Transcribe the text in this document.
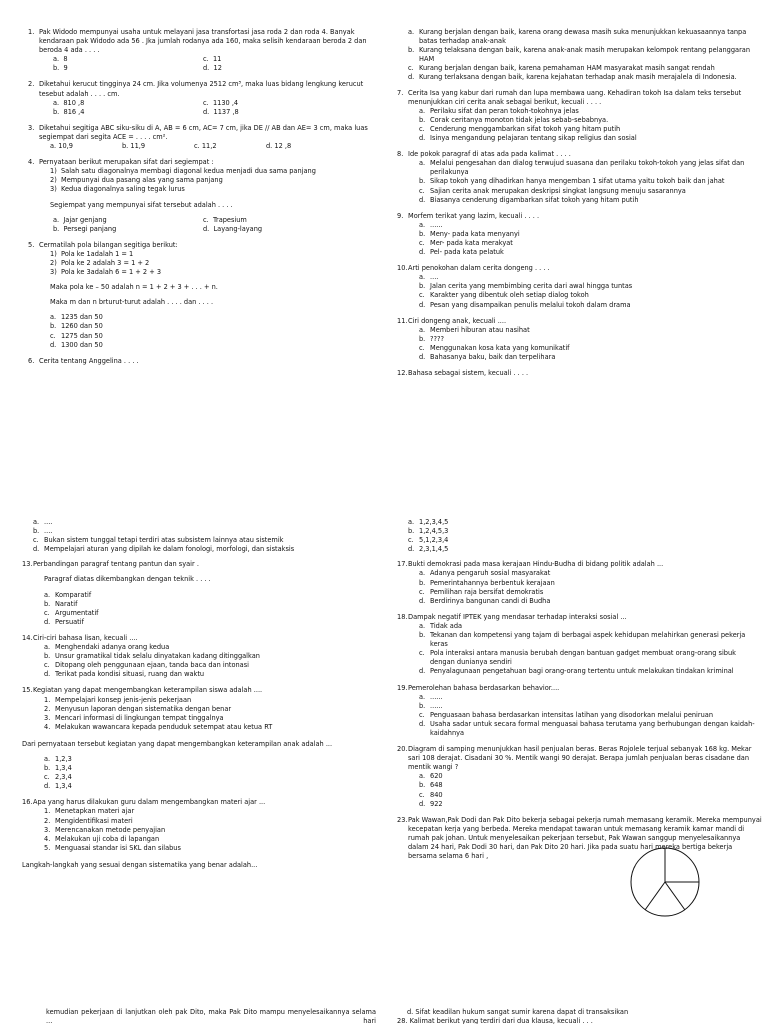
1. Pak Widodo mempunyai usaha untuk melayani jasa transfortasi jasa roda 2 dan roda 4. Banyak kendaraan pak Widodo ada 56 . Jka jumlah rodanya ada 160, maka selisih kendaraan beroda 2 dan beroda 4 ada . . . .
a. 8	c. 11
b. 9	d. 12
2. Diketahui kerucut tingginya 24 cm. Jika volumenya 2512 cm³, maka luas bidang lengkung kerucut tesebut adalah . . . . cm.
a. 810 ,8	c. 1130 ,4
b. 816 ,4	d. 1137 ,8
3. Diketahui segitiga ABC siku-siku di A, AB = 6 cm, AC= 7 cm, jika DE // AB dan AE= 3 cm, maka luas segiempat dari segita ACE = . . . . cm².
a. 10,9	b. 11,9	c. 11,2	d. 12 ,8
4. Pernyataan berikut merupakan sifat dari segiempat :
1) Salah satu diagonalnya membagi diagonal kedua menjadi dua sama panjang
2) Mempunyai dua pasang alas yang sama panjang
3) Kedua diagonalnya saling tegak lurus
Segiempat yang mempunyai sifat tersebut adalah . . . .
a. Jajar genjang	c. Trapesium
b. Persegi panjang	d. Layang-layang
5. Cermatilah pola bilangan segitiga berikut:
1) Pola ke 1adalah 1 = 1
2) Pola ke 2 adalah 3 = 1 + 2
3) Pola ke 3adalah 6 = 1 + 2 + 3
Maka pola ke – 50 adalah n = 1 + 2 + 3 + . . . + n.
Maka m dan n brturut-turut adalah . . . . dan . . . .
a. 1235 dan 50
b. 1260 dan 50
c. 1275 dan 50
d. 1300 dan 50
6. Cerita tentang Anggelina . . . .
a. Kurang berjalan dengan baik, karena orang dewasa masih suka menunjukkan kekuasaannya tanpa batas terhadap anak-anak
b. Kurang telaksana dengan baik, karena anak-anak masih merupakan kelompok rentang pelanggaran HAM
c. Kurang berjalan dengan baik, karena pemahaman HAM masyarakat masih sangat rendah
d. Kurang terlaksana dengan baik, karena kejahatan terhadap anak masih merajalela di Indonesia.
7. Cerita Isa yang kabur dari rumah dan lupa membawa uang. Kehadiran tokoh Isa dalam teks tersebut menunjukkan ciri cerita anak sebagai berikut, kecuali . . . .
a. Perilaku sifat dan peran tokoh-tokohnya jelas
b. Corak ceritanya monoton tidak jelas sebab-sebabnya.
c. Cenderung menggambarkan sifat tokoh yang hitam putih
d. Isinya mengandung pelajaran tentang sikap religius dan sosial
8. Ide pokok paragraf di atas ada pada kalimat . . . .
a. Melalui pengesahan dan dialog terwujud suasana dan perilaku tokoh-tokoh yang jelas sifat dan perilakunya
b. Sikap tokoh yang dihadirkan hanya mengemban 1 sifat utama yaitu tokoh baik dan jahat
c. Sajian cerita anak merupakan deskripsi singkat langsung menuju sasarannya
d. Biasanya cenderung digambarkan sifat tokoh yang hitam putih
9. Morfem terikat yang lazim, kecuali . . . .
a. ......
b. Meny- pada kata menyanyi
c. Mer- pada kata merakyat
d. Pel- pada kata pelatuk
10. Arti penokohan dalam cerita dongeng . . . .
a. ....
b. Jalan cerita yang membimbing cerita dari awal hingga tuntas
c. Karakter yang dibentuk oleh setiap dialog tokoh
d. Pesan yang disampaikan penulis melalui tokoh dalam drama
11. Ciri dongeng anak, kecuali ....
a. Memberi hiburan atau nasihat
b. ????
c. Menggunakan kosa kata yang komunikatif
d. Bahasanya baku, baik dan terpelihara
12. Bahasa sebagai sistem, kecuali . . . .
a. ....
b. ....
c. Bukan sistem tunggal tetapi terdiri atas subsistem lainnya atau sistemik
d. Mempelajari aturan yang dipilah ke dalam fonologi, morfologi, dan sistaksis
13. Perbandingan paragraf tentang pantun dan syair .
Paragraf diatas dikembangkan dengan teknik . . . .
a. Komparatif
b. Naratif
c. Argumentatif
d. Persuatif
14. Ciri-ciri bahasa lisan, kecuali ....
a. Menghendaki adanya orang kedua
b. Unsur gramatikal tidak selalu dinyatakan kadang ditinggalkan
c. Ditopang oleh penggunaan ejaan, tanda baca dan intonasi
d. Terikat pada kondisi situasi, ruang dan waktu
15. Kegiatan yang dapat mengembangkan keterampilan siswa adalah ....
1. Mempelajari konsep jenis-jenis pekerjaan
2. Menyusun laporan dengan sistematika dengan benar
3. Mencari informasi di lingkungan tempat tinggalnya
4. Melakukan wawancara kepada penduduk setempat atau ketua RT
Dari pernyataan tersebut kegiatan yang dapat mengembangkan keterampilan anak adalah ...
a. 1,2,3
b. 1,3,4
c. 2,3,4
d. 1,3,4
16. Apa yang harus dilakukan guru dalam mengembangkan materi ajar ...
1. Menetapkan materi ajar
2. Mengidentifikasi materi
3. Merencanakan metode penyajian
4. Melakukan uji coba di lapangan
5. Menguasai standar isi SKL dan silabus
Langkah-langkah yang sesuai dengan sistematika yang benar adalah...
a. 1,2,3,4,5
b. 1,2,4,5,3
c. 5,1,2,3,4
d. 2,3,1,4,5
17. Bukti demokrasi pada masa kerajaan Hindu-Budha di bidang politik adalah ...
a. Adanya pengaruh sosial masyarakat
b. Pemerintahannya berbentuk kerajaan
c. Pemilihan raja bersifat demokratis
d. Berdirinya bangunan candi di Budha
18. Dampak negatif IPTEK yang mendasar terhadap interaksi sosial ...
a. Tidak ada
b. Tekanan dan kompetensi yang tajam di berbagai aspek kehidupan melahirkan generasi pekerja keras
c. Pola interaksi antara manusia berubah dengan bantuan gadget membuat orang-orang sibuk dengan dunianya sendiri
d. Penyalagunaan pengetahuan bagi orang-orang tertentu untuk melakukan tindakan kriminal
19. Pemerolehan bahasa berdasarkan behavior....
a. ......
b. ......
c. Penguasaan bahasa berdasarkan intensitas latihan yang disodorkan melalui peniruan
d. Usaha sadar untuk secara formal menguasai bahasa terutama yang berhubungan dengan kaidah-kaidahnya
20. Diagram di samping menunjukkan hasil penjualan beras. Beras Rojolele terjual sebanyak 168 kg. Mekar sari 108 derajat. Cisadani 30 %. Mentik wangi 90 derajat. Berapa jumlah penjualan beras cisadane dan mentik wangi ?
a. 620
b. 648
c. 840
d. 922
23. Pak Wawan,Pak Dodi dan Pak Dito bekerja sebagai pekerja rumah memasang keramik. Mereka mempunyai kecepatan kerja yang berbeda. Mereka mendapat tawaran untuk memasang keramik kamar mandi di rumah pak johan. Untuk menyelesaikan pekerjaan tersebut, Pak Wawan sanggup menyelesaikannya dalam 24 hari, Pak Dodi 30 hari, dan Pak Dito 20 hari. Jika pada suatu hari mereka bertiga bekerja bersama selama 6 hari ,
kemudian pekerjaan di lanjutkan oleh pak Dito, maka Pak Dito mampu menyelesaikannya selama ... hari
d. Sifat keadilan hukum sangat sumir karena dapat di transaksikan
28. Kalimat berikut yang terdiri dari dua klausa, kecuali . . .
